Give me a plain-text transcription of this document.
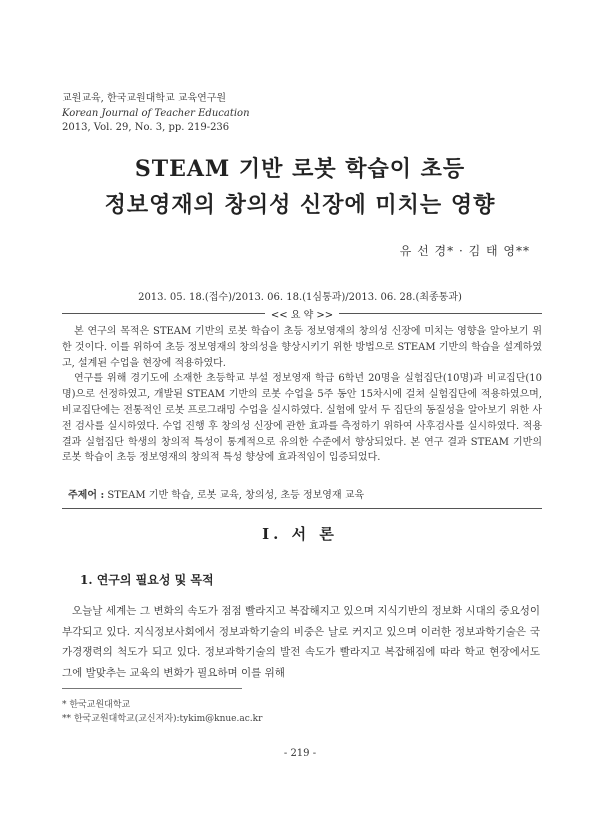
교원교육, 한국교원대학교 교육연구원
Korean Journal of Teacher Education
2013, Vol. 29, No. 3, pp. 219-236
STEAM 기반 로봇 학습이 초등
정보영재의 창의성 신장에 미치는 영향
유 선 경* · 김 태 영**
2013. 05. 18.(접수)/2013. 06. 18.(1심통과)/2013. 06. 28.(최종통과)
<< 요 약 >>

본 연구의 목적은 STEAM 기반의 로봇 학습이 초등 정보영재의 창의성 신장에 미치는 영향을 알아보기 위한 것이다. 이를 위하여 초등 정보영재의 창의성을 향상시키기 위한 방법으로 STEAM 기반의 학습을 설계하였고, 설계된 수업을 현장에 적용하였다.

연구를 위해 경기도에 소재한 초등학교 부설 정보영재 학급 6학년 20명을 실험집단(10명)과 비교집단(10명)으로 선정하였고, 개발된 STEAM 기반의 로봇 수업을 5주 동안 15차시에 걸쳐 실험집단에 적용하였으며, 비교집단에는 전통적인 로봇 프로그래밍 수업을 실시하였다. 실험에 앞서 두 집단의 동질성을 알아보기 위한 사전 검사를 실시하였다. 수업 진행 후 창의성 신장에 관한 효과를 측정하기 위하여 사후검사를 실시하였다. 적용 결과 실험집단 학생의 창의적 특성이 통계적으로 유의한 수준에서 향상되었다. 본 연구 결과 STEAM 기반의 로봇 학습이 초등 정보영재의 창의적 특성 향상에 효과적임이 입증되었다.

주제어 : STEAM 기반 학습, 로봇 교육, 창의성, 초등 정보영재 교육
Ⅰ. 서 론
1. 연구의 필요성 및 목적

오늘날 세계는 그 변화의 속도가 점점 빨라지고 복잡해지고 있으며 지식기반의 정보화 시대의 중요성이 부각되고 있다. 지식정보사회에서 정보과학기술의 비중은 날로 커지고 있으며 이러한 정보과학기술은 국가경쟁력의 척도가 되고 있다. 정보과학기술의 발전 속도가 빨라지고 복잡해짐에 따라 학교 현장에서도 그에 발맞추는 교육의 변화가 필요하며 이를 위해

* 한국교원대학교
** 한국교원대학교(교신저자):tykim@knue.ac.kr
- 219 -
